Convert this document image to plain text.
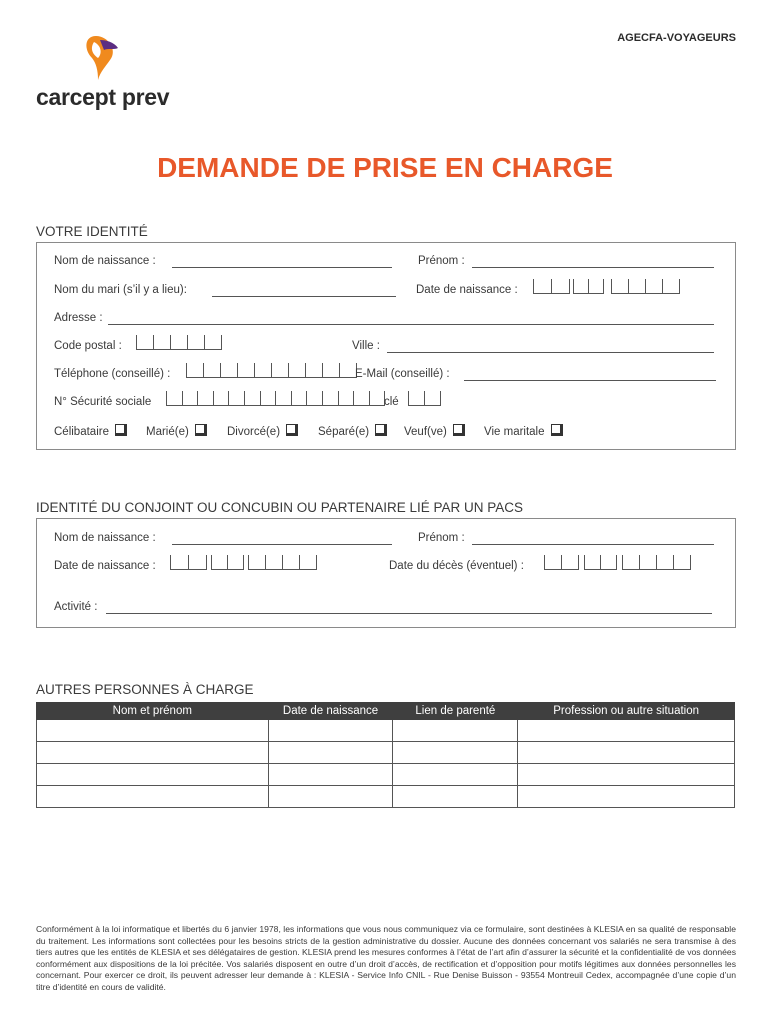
carcept prev
AGECFA-VOYAGEURS
DEMANDE DE PRISE EN CHARGE
VOTRE IDENTITÉ
Nom de naissance :	Prénom :
Nom du mari (s’il y a lieu):	Date de naissance :
Adresse :
Code postal :	Ville :
Téléphone (conseillé) :	E-Mail (conseillé) :
N° Sécurité sociale	clé
Célibataire	Marié(e)	Divorcé(e)	Séparé(e)	Veuf(ve)	Vie maritale
IDENTITÉ DU CONJOINT OU CONCUBIN OU PARTENAIRE LIÉ PAR UN PACS
Nom de naissance :	Prénom :
Date de naissance :	Date du décès (éventuel) :
Activité :
AUTRES PERSONNES À CHARGE
Nom et prénom	Date de naissance	Lien de parenté	Profession ou autre situation

Conformément à la loi informatique et libertés du 6 janvier 1978, les informations que vous nous communiquez via ce formulaire, sont destinées à KLESIA en sa qualité de responsable du traitement. Les informations sont collectées pour les besoins stricts de la gestion administrative du dossier. Aucune des données concernant vos salariés ne sera transmise à des tiers autres que les entités de KLESIA et ses délégataires de gestion. KLESIA prend les mesures conformes à l’état de l’art afin d’assurer la sécurité et la confidentialité de vos données conformément aux dispositions de la loi précitée. Vos salariés disposent en outre d’un droit d’accès, de rectification et d’opposition pour motifs légitimes aux données personnelles les concernant. Pour exercer ce droit, ils peuvent adresser leur demande à : KLESIA - Service Info CNIL - Rue Denise Buisson - 93554 Montreuil Cedex, accompagnée d’une copie d’un titre d’identité en cours de validité.
